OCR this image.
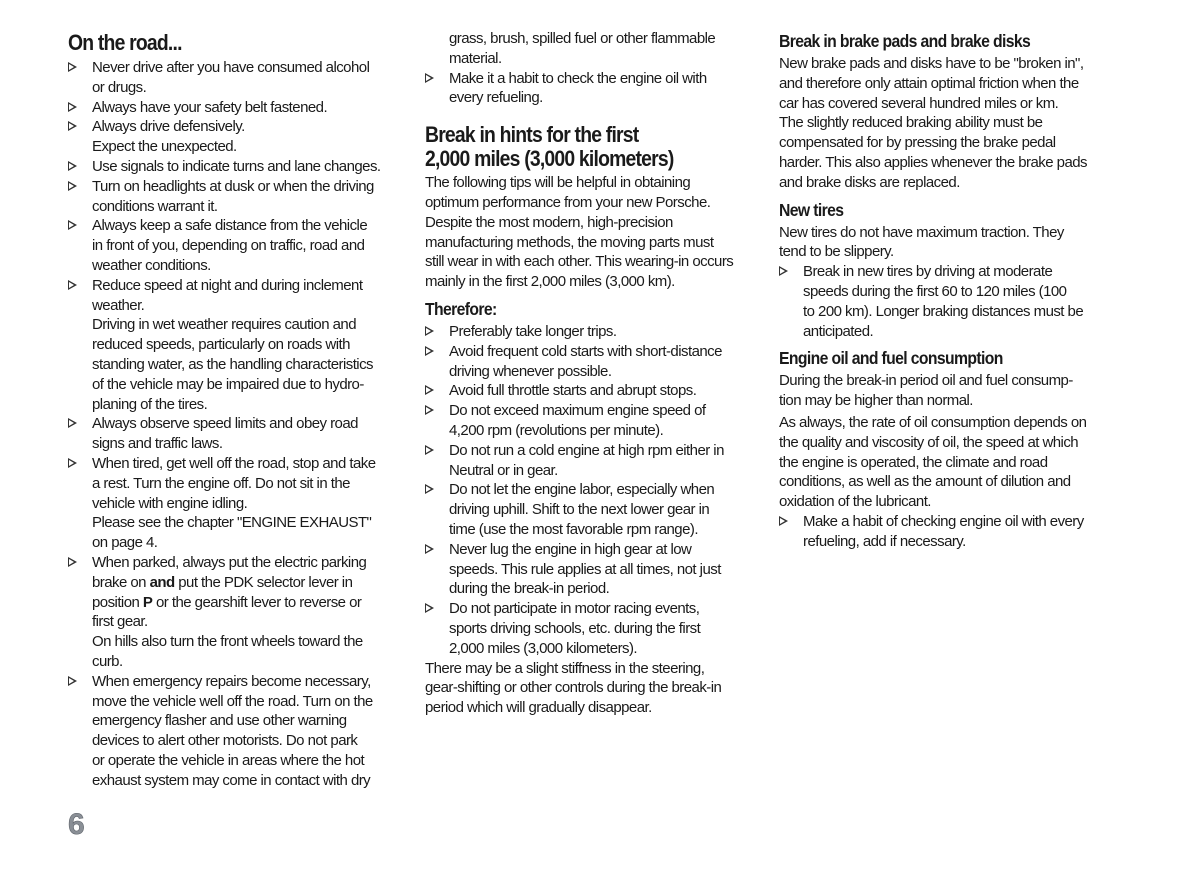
On the road...
Never drive after you have consumed alcohol
or drugs.
Always have your safety belt fastened.
Always drive defensively.
Expect the unexpected.
Use signals to indicate turns and lane changes.
Turn on headlights at dusk or when the driving
conditions warrant it.
Always keep a safe distance from the vehicle
in front of you, depending on traffic, road and
weather conditions.
Reduce speed at night and during inclement
weather.
Driving in wet weather requires caution and
reduced speeds, particularly on roads with
standing water, as the handling characteristics
of the vehicle may be impaired due to hydro-
planing of the tires.
Always observe speed limits and obey road
signs and traffic laws.
When tired, get well off the road, stop and take
a rest. Turn the engine off. Do not sit in the
vehicle with engine idling.
Please see the chapter "ENGINE EXHAUST"
on page 4.
When parked, always put the electric parking
brake on and put the PDK selector lever in
position P or the gearshift lever to reverse or
first gear.
On hills also turn the front wheels toward the
curb.
When emergency repairs become necessary,
move the vehicle well off the road. Turn on the
emergency flasher and use other warning
devices to alert other motorists. Do not park
or operate the vehicle in areas where the hot
exhaust system may come in contact with dry
grass, brush, spilled fuel or other flammable
material.
Make it a habit to check the engine oil with
every refueling.
Break in hints for the first
2,000 miles (3,000 kilometers)
The following tips will be helpful in obtaining
optimum performance from your new Porsche.
Despite the most modern, high-precision
manufacturing methods, the moving parts must
still wear in with each other. This wearing-in occurs
mainly in the first 2,000 miles (3,000 km).
Therefore:
Preferably take longer trips.
Avoid frequent cold starts with short-distance
driving whenever possible.
Avoid full throttle starts and abrupt stops.
Do not exceed maximum engine speed of
4,200 rpm (revolutions per minute).
Do not run a cold engine at high rpm either in
Neutral or in gear.
Do not let the engine labor, especially when
driving uphill. Shift to the next lower gear in
time (use the most favorable rpm range).
Never lug the engine in high gear at low
speeds. This rule applies at all times, not just
during the break-in period.
Do not participate in motor racing events,
sports driving schools, etc. during the first
2,000 miles (3,000 kilometers).
There may be a slight stiffness in the steering,
gear-shifting or other controls during the break-in
period which will gradually disappear.
Break in brake pads and brake disks
New brake pads and disks have to be "broken in",
and therefore only attain optimal friction when the
car has covered several hundred miles or km.
The slightly reduced braking ability must be
compensated for by pressing the brake pedal
harder. This also applies whenever the brake pads
and brake disks are replaced.
New tires
New tires do not have maximum traction. They
tend to be slippery.
Break in new tires by driving at moderate
speeds during the first 60 to 120 miles (100
to 200 km). Longer braking distances must be
anticipated.
Engine oil and fuel consumption
During the break-in period oil and fuel consump-
tion may be higher than normal.
As always, the rate of oil consumption depends on
the quality and viscosity of oil, the speed at which
the engine is operated, the climate and road
conditions, as well as the amount of dilution and
oxidation of the lubricant.
Make a habit of checking engine oil with every
refueling, add if necessary.
6
